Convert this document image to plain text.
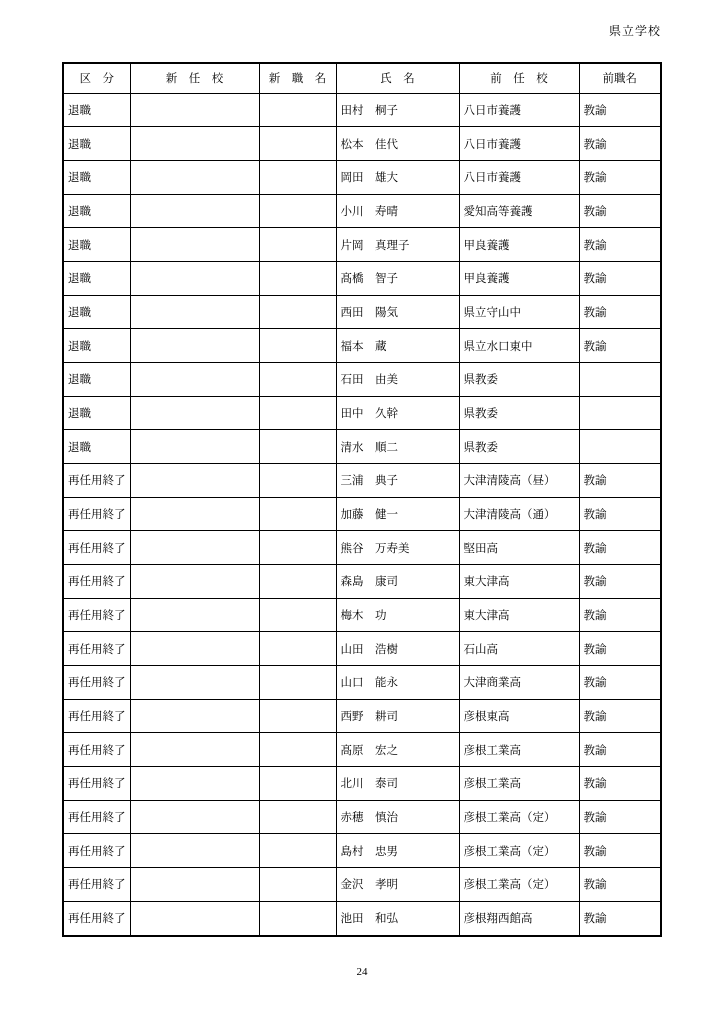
県立学校
区　分	新　任　校	新　職　名	氏　名	前　任　校	前職名
退職			田村　桐子	八日市養護	教諭
退職			松本　佳代	八日市養護	教諭
退職			岡田　雄大	八日市養護	教諭
退職			小川　寿晴	愛知高等養護	教諭
退職			片岡　真理子	甲良養護	教諭
退職			髙橋　智子	甲良養護	教諭
退職			西田　陽気	県立守山中	教諭
退職			福本　蔵	県立水口東中	教諭
退職			石田　由美	県教委	
退職			田中　久幹	県教委	
退職			清水　順二	県教委	
再任用終了			三浦　典子	大津清陵高（昼）	教諭
再任用終了			加藤　健一	大津清陵高（通）	教諭
再任用終了			熊谷　万寿美	堅田高	教諭
再任用終了			森島　康司	東大津高	教諭
再任用終了			梅木　功	東大津高	教諭
再任用終了			山田　浩樹	石山高	教諭
再任用終了			山口　能永	大津商業高	教諭
再任用終了			西野　耕司	彦根東高	教諭
再任用終了			髙原　宏之	彦根工業高	教諭
再任用終了			北川　泰司	彦根工業高	教諭
再任用終了			赤穂　慎治	彦根工業高（定）	教諭
再任用終了			島村　忠男	彦根工業高（定）	教諭
再任用終了			金沢　孝明	彦根工業高（定）	教諭
再任用終了			池田　和弘	彦根翔西館高	教諭
24
